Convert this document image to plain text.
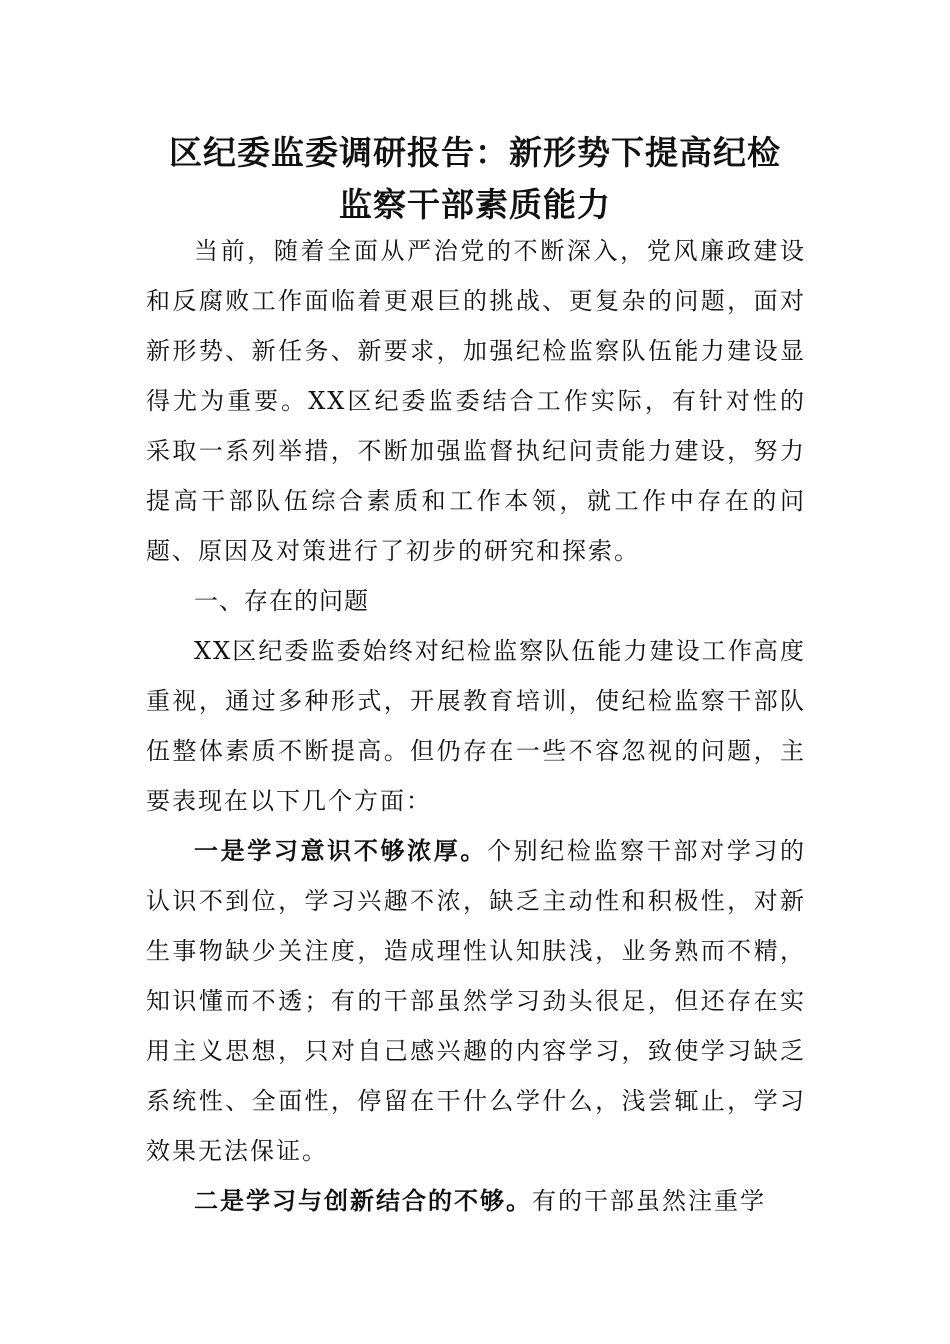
区纪委监委调研报告：新形势下提高纪检
监察干部素质能力

当前，随着全面从严治党的不断深入，党风廉政建设和反腐败工作面临着更艰巨的挑战、更复杂的问题，面对新形势、新任务、新要求，加强纪检监察队伍能力建设显得尤为重要。XX区纪委监委结合工作实际，有针对性的采取一系列举措，不断加强监督执纪问责能力建设，努力提高干部队伍综合素质和工作本领，就工作中存在的问题、原因及对策进行了初步的研究和探索。

一、存在的问题

XX区纪委监委始终对纪检监察队伍能力建设工作高度重视，通过多种形式，开展教育培训，使纪检监察干部队伍整体素质不断提高。但仍存在一些不容忽视的问题，主要表现在以下几个方面：

一是学习意识不够浓厚。个别纪检监察干部对学习的认识不到位，学习兴趣不浓，缺乏主动性和积极性，对新生事物缺少关注度，造成理性认知肤浅，业务熟而不精，知识懂而不透；有的干部虽然学习劲头很足，但还存在实用主义思想，只对自己感兴趣的内容学习，致使学习缺乏系统性、全面性，停留在干什么学什么，浅尝辄止，学习效果无法保证。

二是学习与创新结合的不够。有的干部虽然注重学
